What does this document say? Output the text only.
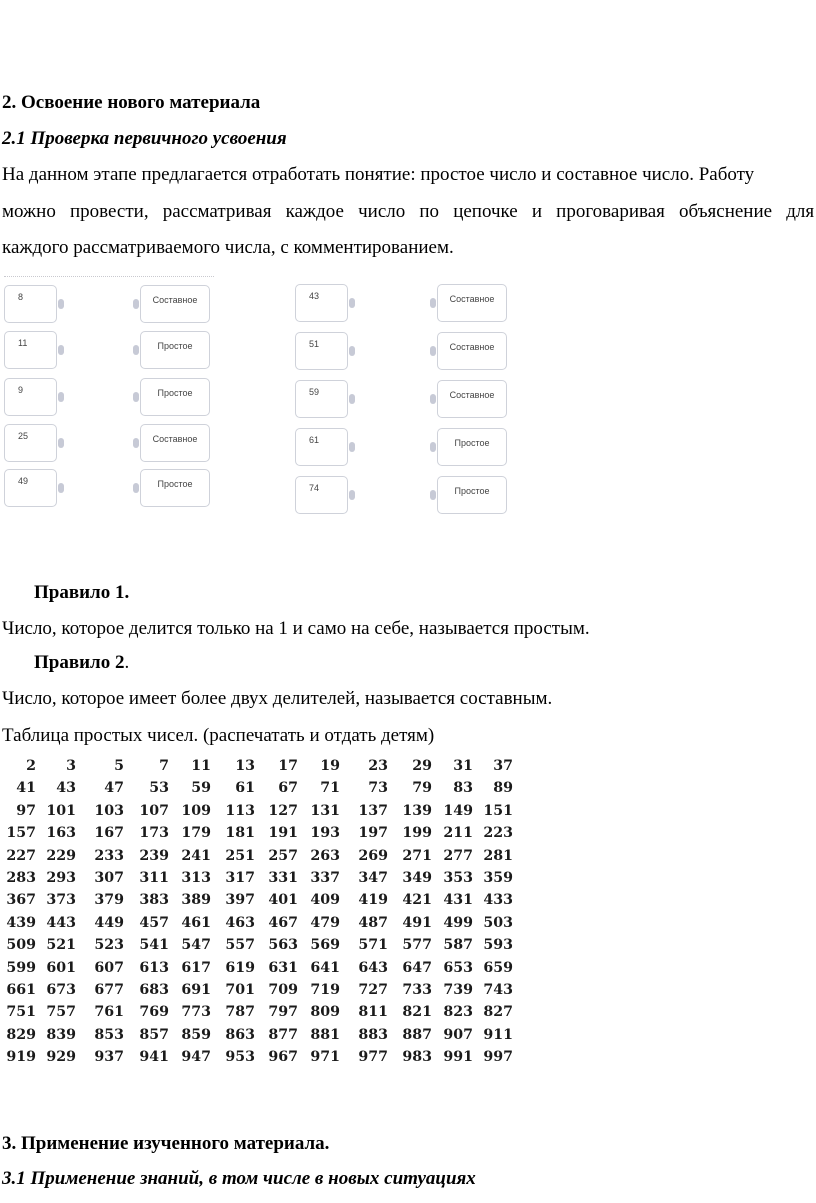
2. Освоение нового материала
2.1 Проверка первичного усвоения
На данном этапе предлагается отработать понятие: простое число и составное число. Работу
можно провести, рассматривая каждое число по цепочке и проговаривая объяснение для
каждого рассматриваемого числа, с комментированием.
8	Составное
11	Простое
9	Простое
25	Составное
49	Простое
43	Составное
51	Составное
59	Составное
61	Простое
74	Простое
Правило 1.
Число, которое делится только на 1 и само на себе, называется простым.
Правило 2.
Число, которое имеет более двух делителей, называется составным.
Таблица простых чисел. (распечатать и отдать детям)
2	3	5	7	11	13	17	19	23	29	31	37
41	43	47	53	59	61	67	71	73	79	83	89
97 101	103	107 109	113 127 131	137	139 149 151
157 163	167	173 179	181 191 193	197	199 211 223
227 229	233	239 241	251 257 263	269	271 277 281
283 293	307	311 313	317 331 337	347	349 353 359
367 373	379	383 389	397 401 409	419	421 431 433
439 443	449	457 461	463 467 479	487	491 499 503
509 521	523	541 547	557 563 569	571	577 587 593
599 601	607	613 617	619 631 641	643	647 653 659
661 673	677	683 691	701 709 719	727	733 739 743
751 757	761	769 773	787 797 809	811	821 823 827
829 839	853	857 859	863 877 881	883	887 907 911
919 929	937	941 947	953 967 971	977	983 991 997
3. Применение изученного материала.
3.1 Применение знаний, в том числе в новых ситуациях
